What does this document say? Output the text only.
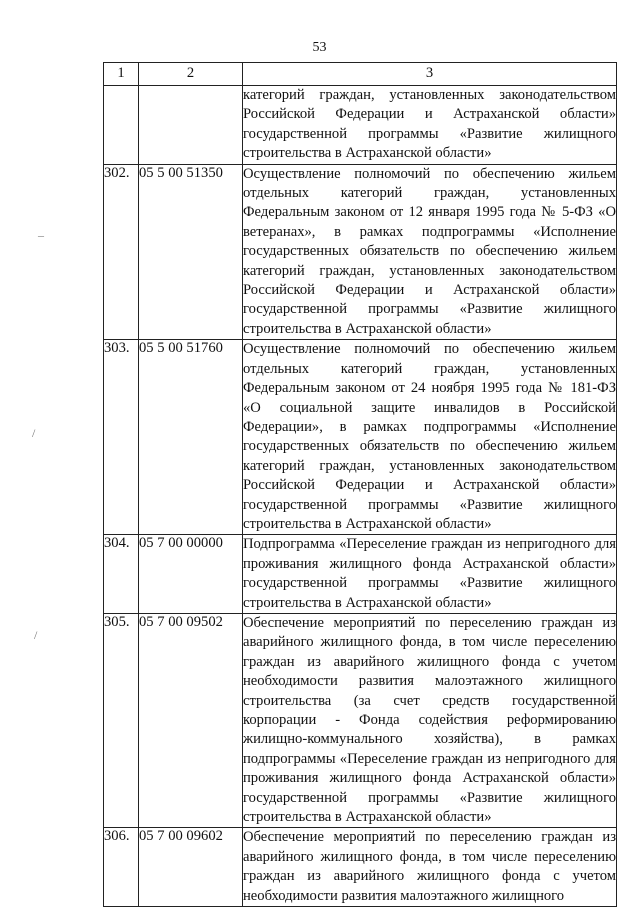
53
1	2	3
		категорий граждан, установленных законодательством Российской Федерации и Астраханской области» государственной программы «Развитие жилищного строительства в Астраханской области»
302.	05 5 00 51350	Осуществление полномочий по обеспечению жильем отдельных категорий граждан, установленных Федеральным законом от 12 января 1995 года № 5-ФЗ «О ветеранах», в рамках подпрограммы «Исполнение государственных обязательств по обеспечению жильем категорий граждан, установленных законодательством Российской Федерации и Астраханской области» государственной программы «Развитие жилищного строительства в Астраханской области»
303.	05 5 00 51760	Осуществление полномочий по обеспечению жильем отдельных категорий граждан, установленных Федеральным законом от 24 ноября 1995 года № 181-ФЗ «О социальной защите инвалидов в Российской Федерации», в рамках подпрограммы «Исполнение государственных обязательств по обеспечению жильем категорий граждан, установленных законодательством Российской Федерации и Астраханской области» государственной программы «Развитие жилищного строительства в Астраханской области»
304.	05 7 00 00000	Подпрограмма «Переселение граждан из непригодного для проживания жилищного фонда Астраханской области» государственной программы «Развитие жилищного строительства в Астраханской области»
305.	05 7 00 09502	Обеспечение мероприятий по переселению граждан из аварийного жилищного фонда, в том числе переселению граждан из аварийного жилищного фонда с учетом необходимости развития малоэтажного жилищного строительства (за счет средств государственной корпорации - Фонда содействия реформированию жилищно-коммунального хозяйства), в рамках подпрограммы «Переселение граждан из непригодного для проживания жилищного фонда Астраханской области» государственной программы «Развитие жилищного строительства в Астраханской области»
306.	05 7 00 09602	Обеспечение мероприятий по переселению граждан из аварийного жилищного фонда, в том числе переселению граждан из аварийного жилищного фонда с учетом необходимости развития малоэтажного жилищного
–
/
/
